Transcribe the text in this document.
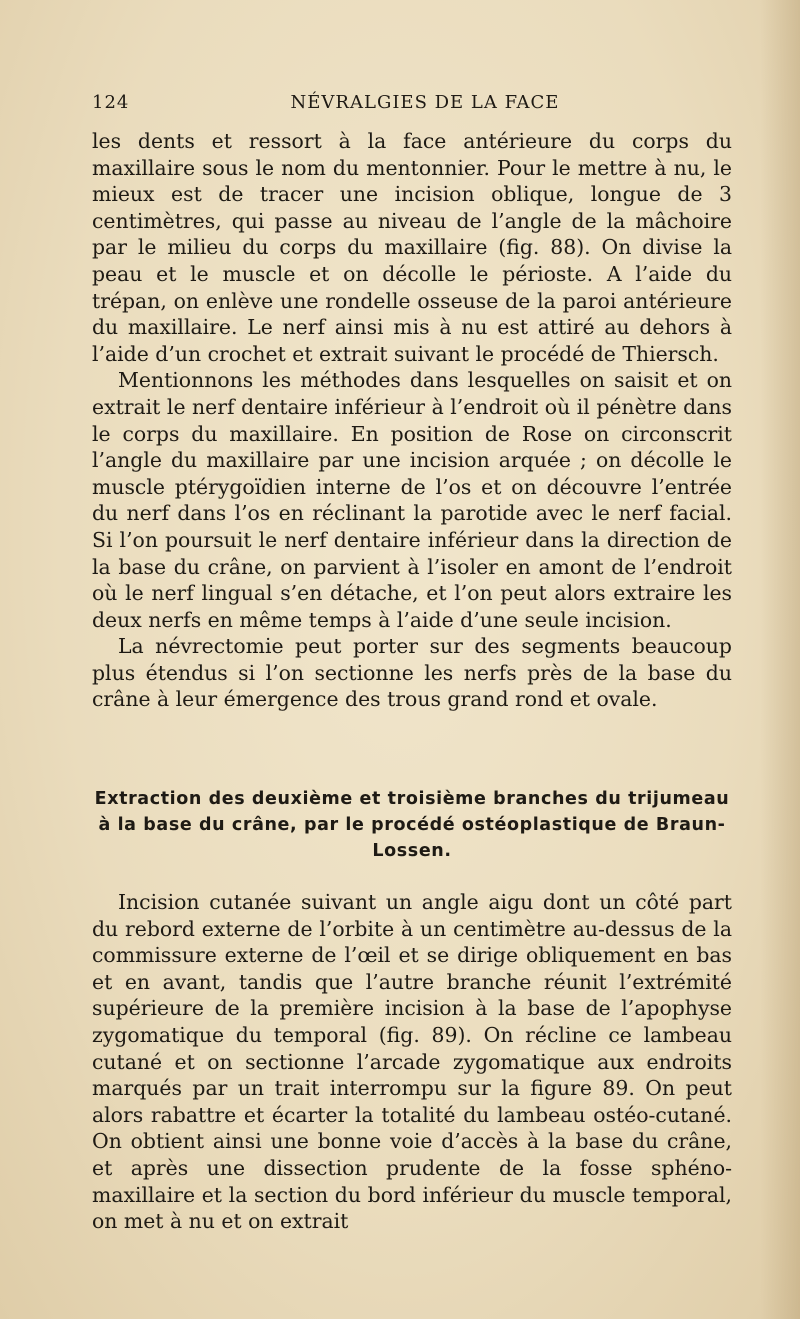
124	NÉVRALGIES DE LA FACE

les dents et ressort à la face antérieure du corps du maxillaire sous le nom du mentonnier. Pour le mettre à nu, le mieux est de tracer une incision oblique, longue de 3 centimètres, qui passe au niveau de l’angle de la mâchoire par le milieu du corps du maxillaire (fig. 88). On divise la peau et le muscle et on décolle le périoste. A l’aide du trépan, on enlève une rondelle osseuse de la paroi antérieure du maxillaire. Le nerf ainsi mis à nu est attiré au dehors à l’aide d’un crochet et extrait suivant le procédé de Thiersch.

Mentionnons les méthodes dans lesquelles on saisit et on extrait le nerf dentaire inférieur à l’endroit où il pénètre dans le corps du maxillaire. En position de Rose on circonscrit l’angle du maxillaire par une incision arquée ; on décolle le muscle ptérygoïdien interne de l’os et on découvre l’entrée du nerf dans l’os en réclinant la parotide avec le nerf facial. Si l’on poursuit le nerf dentaire inférieur dans la direction de la base du crâne, on parvient à l’isoler en amont de l’endroit où le nerf lingual s’en détache, et l’on peut alors extraire les deux nerfs en même temps à l’aide d’une seule incision.

La névrectomie peut porter sur des segments beaucoup plus étendus si l’on sectionne les nerfs près de la base du crâne à leur émergence des trous grand rond et ovale.

Extraction des deuxième et troisième branches du trijumeau à la base du crâne, par le procédé ostéoplastique de Braun-Lossen.

Incision cutanée suivant un angle aigu dont un côté part du rebord externe de l’orbite à un centimètre au-dessus de la commissure externe de l’œil et se dirige obliquement en bas et en avant, tandis que l’autre branche réunit l’extrémité supérieure de la première incision à la base de l’apophyse zygomatique du temporal (fig. 89). On récline ce lambeau cutané et on sectionne l’arcade zygomatique aux endroits marqués par un trait interrompu sur la figure 89. On peut alors rabattre et écarter la totalité du lambeau ostéo-cutané. On obtient ainsi une bonne voie d’accès à la base du crâne, et après une dissection prudente de la fosse sphéno-maxillaire et la section du bord inférieur du muscle temporal, on met à nu et on extrait
